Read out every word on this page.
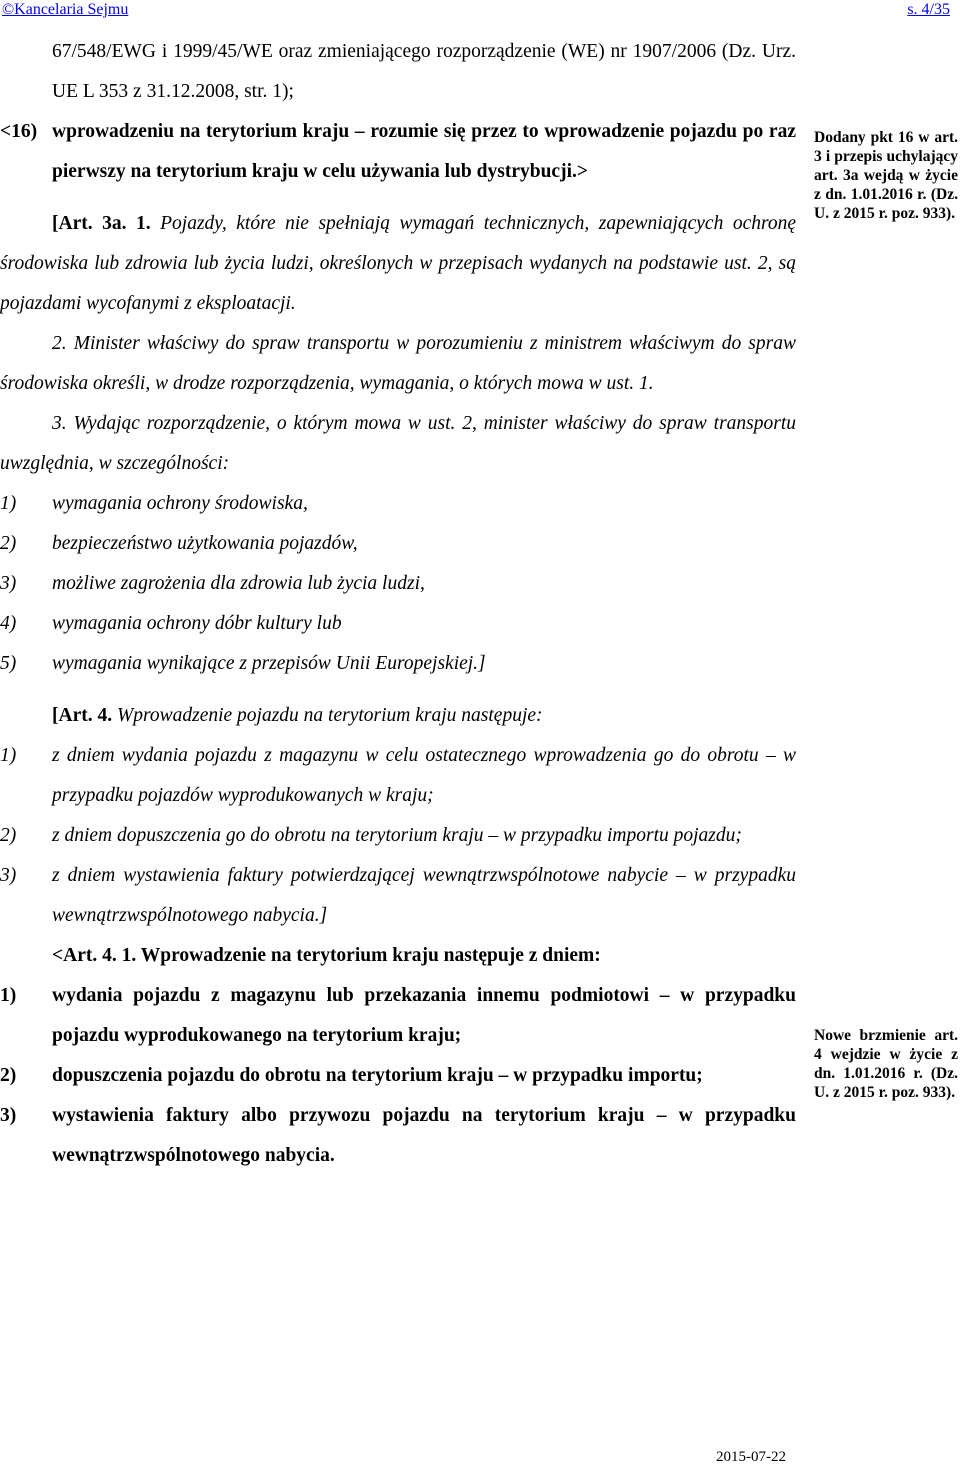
©Kancelaria Sejmu	s. 4/35
67/548/EWG i 1999/45/WE oraz zmieniającego rozporządzenie (WE) nr 1907/2006 (Dz. Urz. UE L 353 z 31.12.2008, str. 1);
<16) wprowadzeniu na terytorium kraju – rozumie się przez to wprowadzenie pojazdu po raz pierwszy na terytorium kraju w celu używania lub dystrybucji.>
[Art. 3a. 1. Pojazdy, które nie spełniają wymagań technicznych, zapewniających ochronę środowiska lub zdrowia lub życia ludzi, określonych w przepisach wydanych na podstawie ust. 2, są pojazdami wycofanymi z eksploatacji.
2. Minister właściwy do spraw transportu w porozumieniu z ministrem właściwym do spraw środowiska określi, w drodze rozporządzenia, wymagania, o których mowa w ust. 1.
3. Wydając rozporządzenie, o którym mowa w ust. 2, minister właściwy do spraw transportu uwzględnia, w szczególności:
1) wymagania ochrony środowiska,
2) bezpieczeństwo użytkowania pojazdów,
3) możliwe zagrożenia dla zdrowia lub życia ludzi,
4) wymagania ochrony dóbr kultury lub
5) wymagania wynikające z przepisów Unii Europejskiej.]
[Art. 4. Wprowadzenie pojazdu na terytorium kraju następuje:
1) z dniem wydania pojazdu z magazynu w celu ostatecznego wprowadzenia go do obrotu – w przypadku pojazdów wyprodukowanych w kraju;
2) z dniem dopuszczenia go do obrotu na terytorium kraju – w przypadku importu pojazdu;
3) z dniem wystawienia faktury potwierdzającej wewnątrzwspólnotowe nabycie – w przypadku wewnątrzwspólnotowego nabycia.]
<Art. 4. 1. Wprowadzenie na terytorium kraju następuje z dniem:
1) wydania pojazdu z magazynu lub przekazania innemu podmiotowi – w przypadku pojazdu wyprodukowanego na terytorium kraju;
2) dopuszczenia pojazdu do obrotu na terytorium kraju – w przypadku importu;
3) wystawienia faktury albo przywozu pojazdu na terytorium kraju – w przypadku wewnątrzwspólnotowego nabycia.
Dodany pkt 16 w art. 3 i przepis uchylający art. 3a wejdą w życie z dn. 1.01.2016 r. (Dz. U. z 2015 r. poz. 933).
Nowe brzmienie art. 4 wejdzie w życie z dn. 1.01.2016 r. (Dz. U. z 2015 r. poz. 933).
2015-07-22
